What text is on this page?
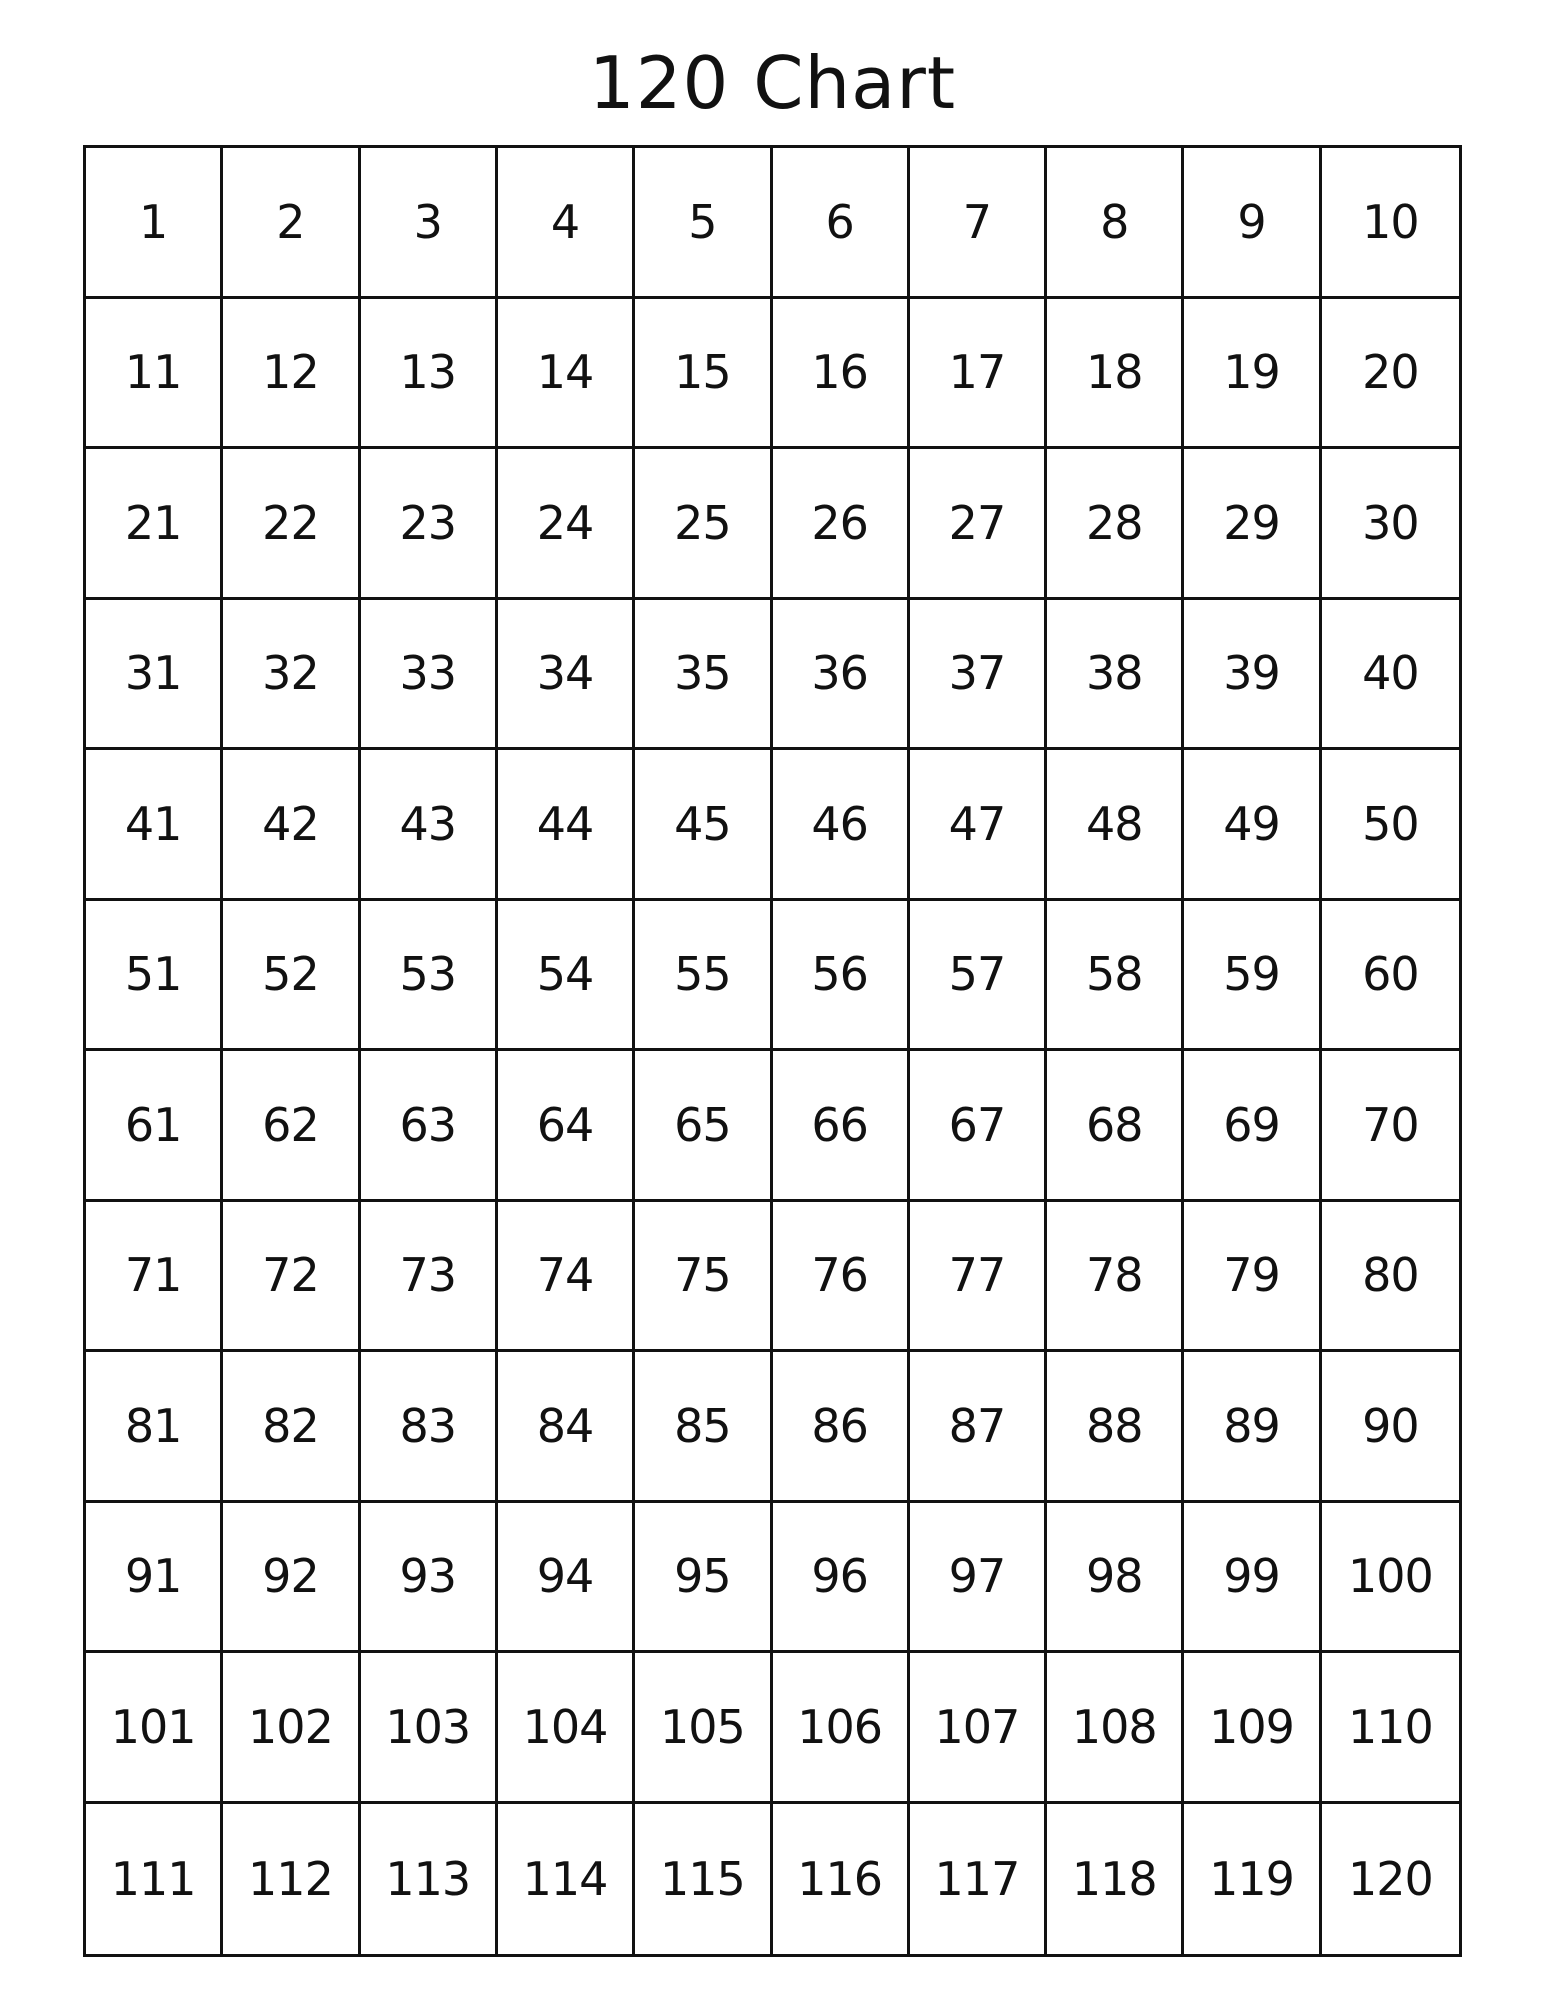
120 Chart
1	2	3	4	5	6	7	8	9	10
11	12	13	14	15	16	17	18	19	20
21	22	23	24	25	26	27	28	29	30
31	32	33	34	35	36	37	38	39	40
41	42	43	44	45	46	47	48	49	50
51	52	53	54	55	56	57	58	59	60
61	62	63	64	65	66	67	68	69	70
71	72	73	74	75	76	77	78	79	80
81	82	83	84	85	86	87	88	89	90
91	92	93	94	95	96	97	98	99	100
101	102	103	104	105	106	107	108	109	110
111	112	113	114	115	116	117	118	119	120
